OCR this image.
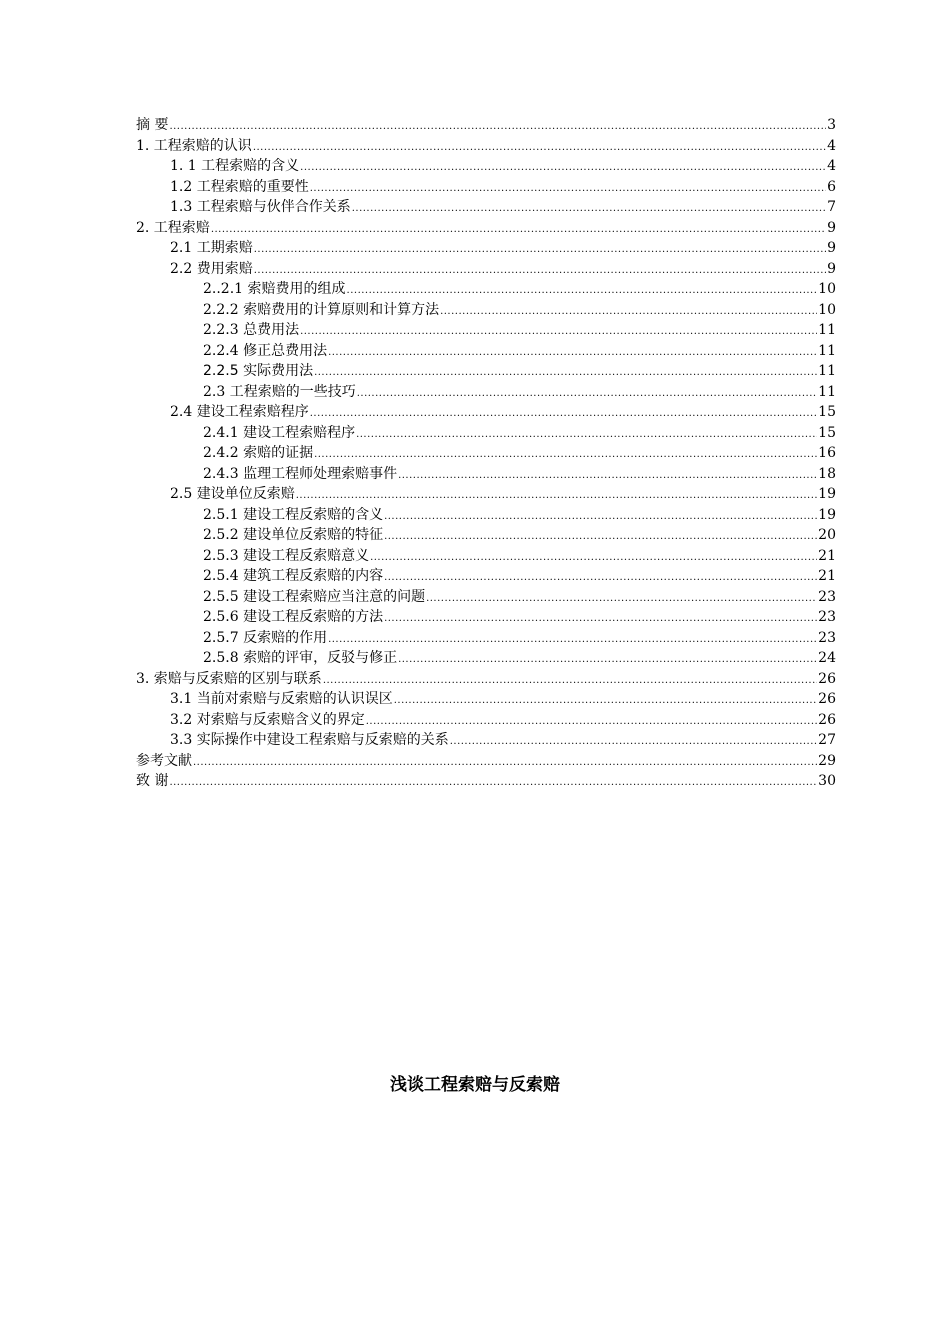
摘 要 .....	3
1. 工程索赔的认识 .....	4
1. 1 工程索赔的含义 .....	4
1.2 工程索赔的重要性 .....	6
1.3 工程索赔与伙伴合作关系 .....	7
2. 工程索赔 .....	9
2.1 工期索赔 .....	9
2.2 费用索赔 .....	9
2..2.1 索赔费用的组成 .....	10
2.2.2 索赔费用的计算原则和计算方法 .....	10
2.2.3 总费用法 .....	11
2.2.4 修正总费用法 .....	11
2.2.5 实际费用法 .....	11
2.3 工程索赔的一些技巧 .....	11
2.4 建设工程索赔程序 .....	15
2.4.1 建设工程索赔程序 .....	15
2.4.2 索赔的证据 .....	16
2.4.3 监理工程师处理索赔事件 .....	18
2.5 建设单位反索赔 .....	19
2.5.1 建设工程反索赔的含义 .....	19
2.5.2 建设单位反索赔的特征 .....	20
2.5.3 建设工程反索赔意义 .....	21
2.5.4 建筑工程反索赔的内容 .....	21
2.5.5 建设工程索赔应当注意的问题 .....	23
2.5.6 建设工程反索赔的方法 .....	23
2.5.7 反索赔的作用 .....	23
2.5.8 索赔的评审，反驳与修正 .....	24
3. 索赔与反索赔的区别与联系 .....	26
3.1 当前对索赔与反索赔的认识误区 .....	26
3.2 对索赔与反索赔含义的界定 .....	26
3.3 实际操作中建设工程索赔与反索赔的关系 .....	27
参考文献 .....	29
致 谢 .....	30
浅谈工程索赔与反索赔
